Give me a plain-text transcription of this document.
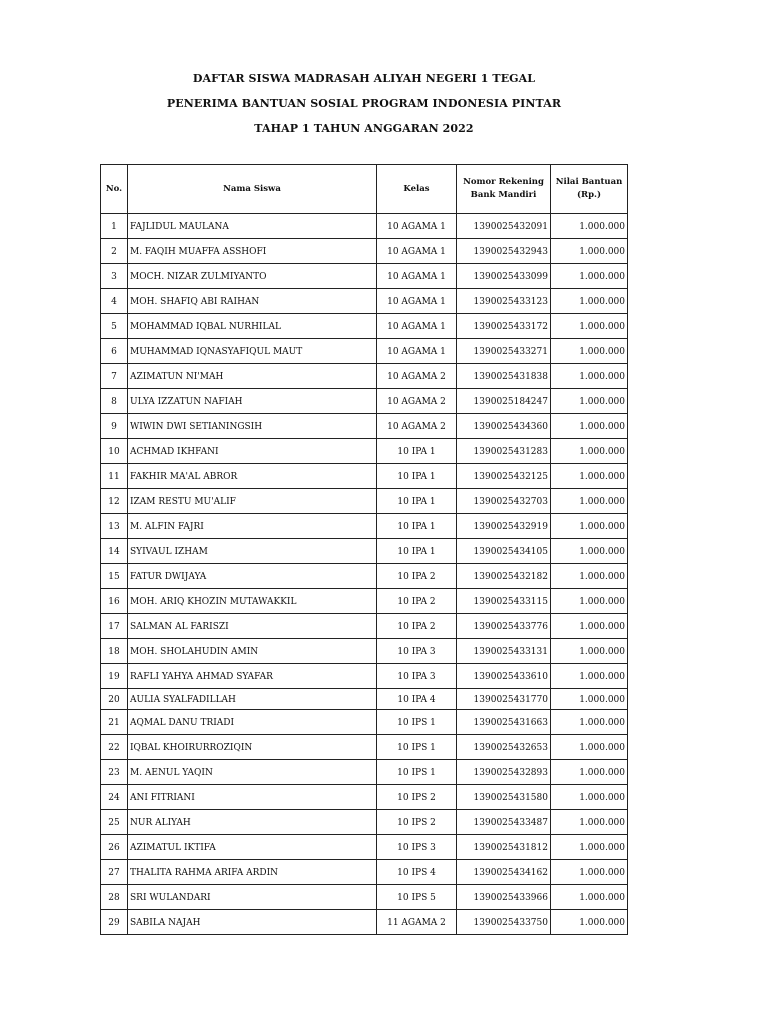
DAFTAR SISWA MADRASAH ALIYAH NEGERI 1 TEGAL
PENERIMA BANTUAN SOSIAL PROGRAM INDONESIA PINTAR
TAHAP 1 TAHUN ANGGARAN 2022
No.	Nama Siswa	Kelas	Nomor Rekening
Bank Mandiri	Nilai Bantuan
(Rp.)
1	FAJLIDUL MAULANA	10 AGAMA 1	1390025432091	1.000.000
2	M. FAQIH MUAFFA ASSHOFI	10 AGAMA 1	1390025432943	1.000.000
3	MOCH. NIZAR ZULMIYANTO	10 AGAMA 1	1390025433099	1.000.000
4	MOH. SHAFIQ ABI RAIHAN	10 AGAMA 1	1390025433123	1.000.000
5	MOHAMMAD IQBAL NURHILAL	10 AGAMA 1	1390025433172	1.000.000
6	MUHAMMAD IQNASYAFIQUL MAUT	10 AGAMA 1	1390025433271	1.000.000
7	AZIMATUN NI'MAH	10 AGAMA 2	1390025431838	1.000.000
8	ULYA IZZATUN NAFIAH	10 AGAMA 2	1390025184247	1.000.000
9	WIWIN DWI SETIANINGSIH	10 AGAMA 2	1390025434360	1.000.000
10	ACHMAD IKHFANI	10 IPA 1	1390025431283	1.000.000
11	FAKHIR MA'AL ABROR	10 IPA 1	1390025432125	1.000.000
12	IZAM RESTU MU'ALIF	10 IPA 1	1390025432703	1.000.000
13	M. ALFIN FAJRI	10 IPA 1	1390025432919	1.000.000
14	SYIVAUL IZHAM	10 IPA 1	1390025434105	1.000.000
15	FATUR DWIJAYA	10 IPA 2	1390025432182	1.000.000
16	MOH. ARIQ KHOZIN MUTAWAKKIL	10 IPA 2	1390025433115	1.000.000
17	SALMAN AL FARISZI	10 IPA 2	1390025433776	1.000.000
18	MOH. SHOLAHUDIN AMIN	10 IPA 3	1390025433131	1.000.000
19	RAFLI YAHYA AHMAD SYAFAR	10 IPA 3	1390025433610	1.000.000
20	AULIA SYALFADILLAH	10 IPA 4	1390025431770	1.000.000
21	AQMAL DANU TRIADI	10 IPS 1	1390025431663	1.000.000
22	IQBAL KHOIRURROZIQIN	10 IPS 1	1390025432653	1.000.000
23	M. AENUL YAQIN	10 IPS 1	1390025432893	1.000.000
24	ANI FITRIANI	10 IPS 2	1390025431580	1.000.000
25	NUR ALIYAH	10 IPS 2	1390025433487	1.000.000
26	AZIMATUL IKTIFA	10 IPS 3	1390025431812	1.000.000
27	THALITA RAHMA ARIFA ARDIN	10 IPS 4	1390025434162	1.000.000
28	SRI WULANDARI	10 IPS 5	1390025433966	1.000.000
29	SABILA NAJAH	11 AGAMA 2	1390025433750	1.000.000
